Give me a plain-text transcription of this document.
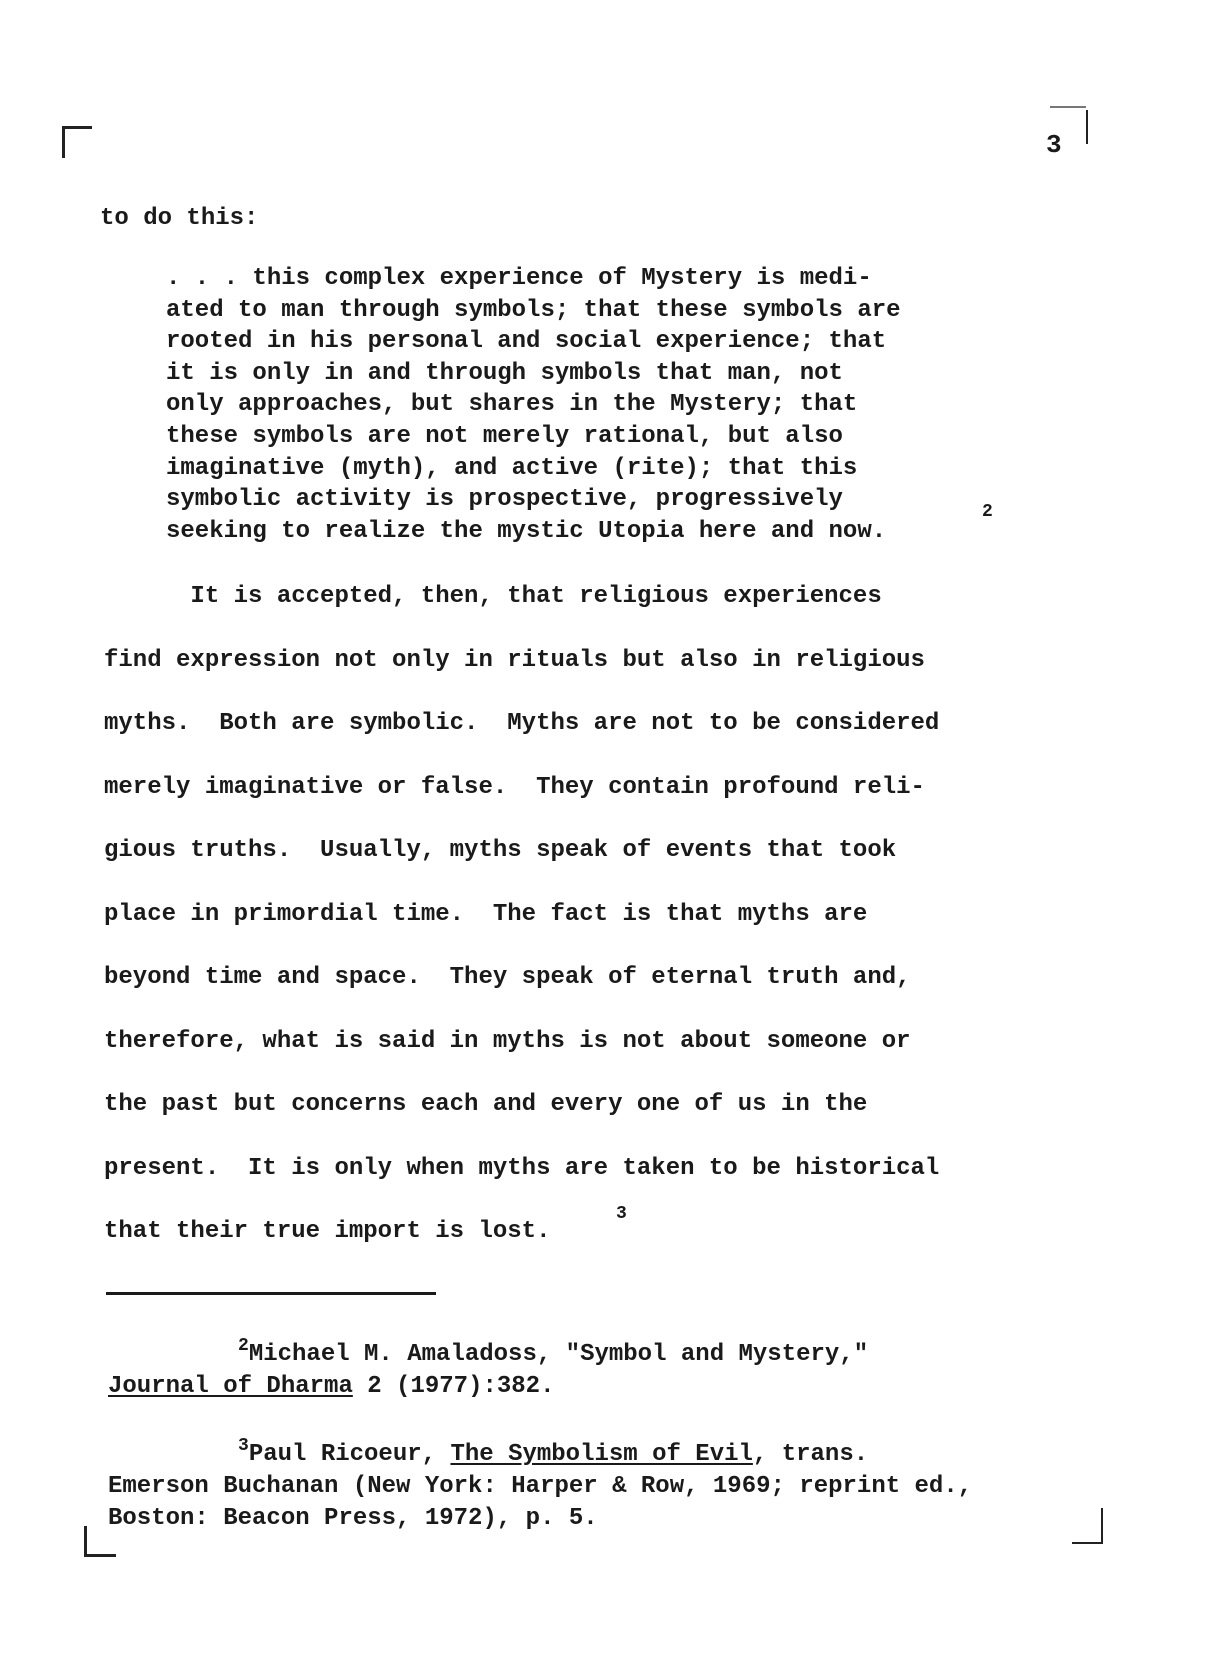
3
to do this:
. . . this complex experience of Mystery is medi-
ated to man through symbols; that these symbols are
rooted in his personal and social experience; that
it is only in and through symbols that man, not
only approaches, but shares in the Mystery; that
these symbols are not merely rational, but also
imaginative (myth), and active (rite); that this
symbolic activity is prospective, progressively
seeking to realize the mystic Utopia here and now.
2
It is accepted, then, that religious experiences
find expression not only in rituals but also in religious
myths.  Both are symbolic.  Myths are not to be considered
merely imaginative or false.  They contain profound reli-
gious truths.  Usually, myths speak of events that took
place in primordial time.  The fact is that myths are
beyond time and space.  They speak of eternal truth and,
therefore, what is said in myths is not about someone or
the past but concerns each and every one of us in the
present.  It is only when myths are taken to be historical
that their true import is lost.
3
$^2$Michael M. Amaladoss, "Symbol and Mystery,"
Journal of Dharma 2 (1977):382.
$^3$Paul Ricoeur, The Symbolism of Evil, trans.
Emerson Buchanan (New York: Harper & Row, 1969; reprint ed.,
Boston: Beacon Press, 1972), p. 5.
